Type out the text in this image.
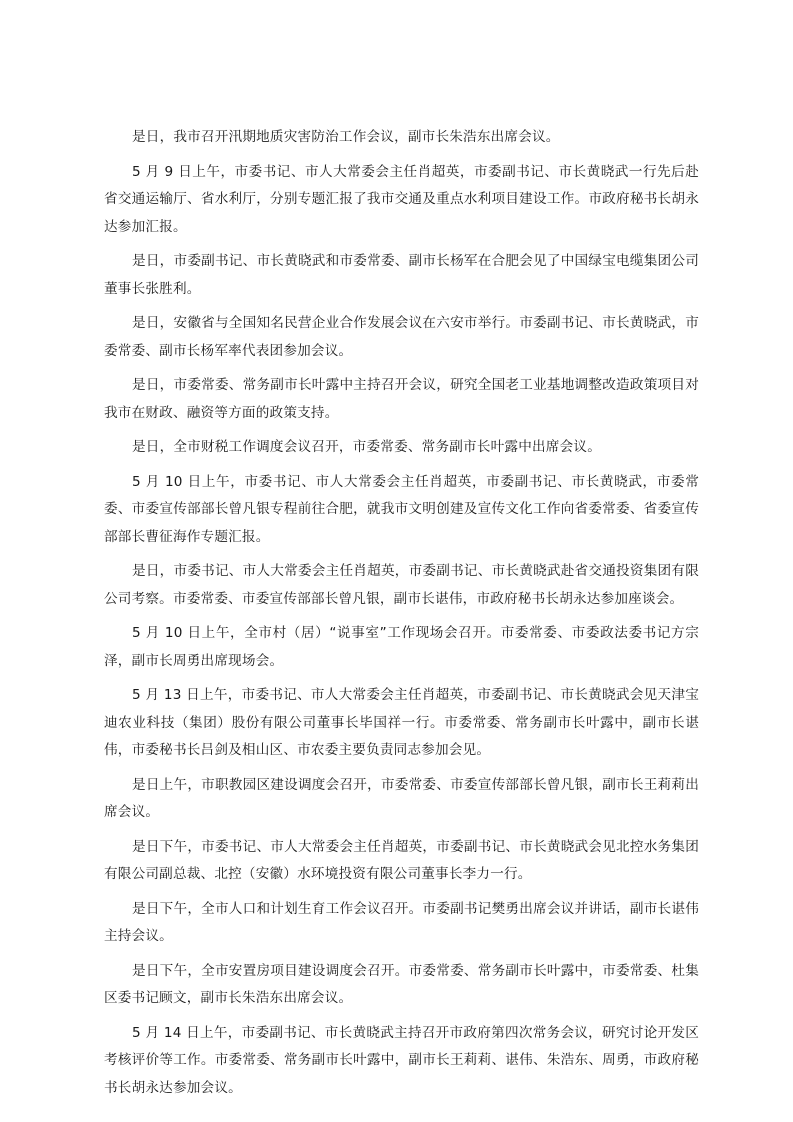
是日，我市召开汛期地质灾害防治工作会议，副市长朱浩东出席会议。

5 月 9 日上午，市委书记、市人大常委会主任肖超英，市委副书记、市长黄晓武一行先后赴省交通运输厅、省水利厅，分别专题汇报了我市交通及重点水利项目建设工作。市政府秘书长胡永达参加汇报。

是日，市委副书记、市长黄晓武和市委常委、副市长杨军在合肥会见了中国绿宝电缆集团公司董事长张胜利。

是日，安徽省与全国知名民营企业合作发展会议在六安市举行。市委副书记、市长黄晓武，市委常委、副市长杨军率代表团参加会议。

是日，市委常委、常务副市长叶露中主持召开会议，研究全国老工业基地调整改造政策项目对我市在财政、融资等方面的政策支持。

是日，全市财税工作调度会议召开，市委常委、常务副市长叶露中出席会议。

5 月 10 日上午，市委书记、市人大常委会主任肖超英，市委副书记、市长黄晓武，市委常委、市委宣传部部长曾凡银专程前往合肥，就我市文明创建及宣传文化工作向省委常委、省委宣传部部长曹征海作专题汇报。

是日，市委书记、市人大常委会主任肖超英，市委副书记、市长黄晓武赴省交通投资集团有限公司考察。市委常委、市委宣传部部长曾凡银，副市长谌伟，市政府秘书长胡永达参加座谈会。

5 月 10 日上午，全市村（居）“说事室”工作现场会召开。市委常委、市委政法委书记方宗泽，副市长周勇出席现场会。

5 月 13 日上午，市委书记、市人大常委会主任肖超英，市委副书记、市长黄晓武会见天津宝迪农业科技（集团）股份有限公司董事长毕国祥一行。市委常委、常务副市长叶露中，副市长谌伟，市委秘书长吕剑及相山区、市农委主要负责同志参加会见。

是日上午，市职教园区建设调度会召开，市委常委、市委宣传部部长曾凡银，副市长王莉莉出席会议。

是日下午，市委书记、市人大常委会主任肖超英，市委副书记、市长黄晓武会见北控水务集团有限公司副总裁、北控（安徽）水环境投资有限公司董事长李力一行。

是日下午，全市人口和计划生育工作会议召开。市委副书记樊勇出席会议并讲话，副市长谌伟主持会议。

是日下午，全市安置房项目建设调度会召开。市委常委、常务副市长叶露中，市委常委、杜集区委书记顾文，副市长朱浩东出席会议。

5 月 14 日上午，市委副书记、市长黄晓武主持召开市政府第四次常务会议，研究讨论开发区考核评价等工作。市委常委、常务副市长叶露中，副市长王莉莉、谌伟、朱浩东、周勇，市政府秘书长胡永达参加会议。
